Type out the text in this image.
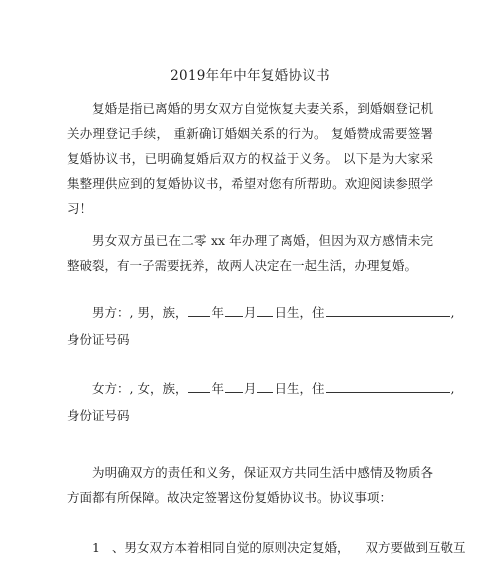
2019年年中年复婚协议书
复婚是指已离婚的男女双方自觉恢复夫妻关系，到婚姻登记机关办理登记手续， 重新确订婚姻关系的行为。 复婚赞成需要签署复婚协议书，已明确复婚后双方的权益于义务。 以下是为大家采集整理供应到的复婚协议书，希望对您有所帮助。欢迎阅读参照学习！
男女双方虽已在二零 xx 年办理了离婚，但因为双方感情未完整破裂，有一子需要抚养，故两人决定在一起生活，办理复婚。
男方：, 男，族， 年 月 日生，住	,
身份证号码
女方：, 女，族， 年 月 日生，住	,
身份证号码
为明确双方的责任和义务，保证双方共同生活中感情及物质各方面都有所保障。故决定签署这份复婚协议书。协议事项：
1 、男女双方本着相同自觉的原则决定复婚， 双方要做到互敬互
